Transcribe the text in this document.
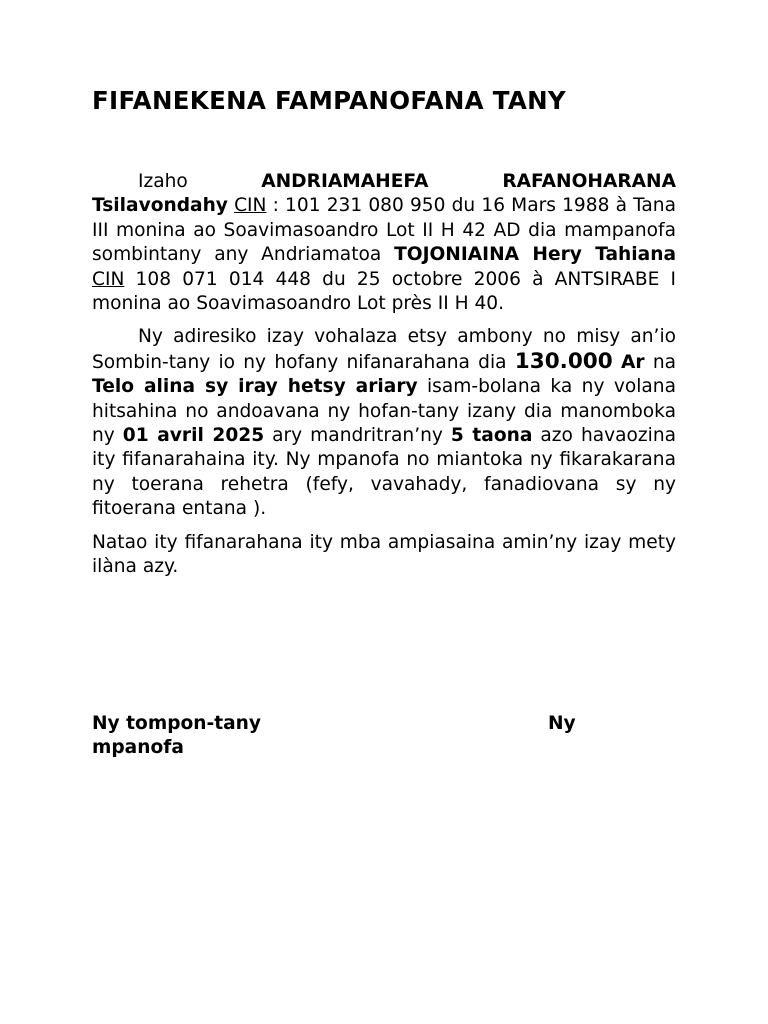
FIFANEKENA FAMPANOFANA TANY

Izaho ANDRIAMAHEFA RAFANOHARANA Tsilavondahy CIN : 101 231 080 950 du 16 Mars 1988 à Tana III monina ao Soavimasoandro Lot II H 42 AD dia mampanofa sombintany any Andriamatoa TOJONIAINA Hery Tahiana CIN 108 071 014 448 du 25 octobre 2006 à ANTSIRABE I monina ao Soavimasoandro Lot près II H 40.

Ny adiresiko izay vohalaza etsy ambony no misy an’io Sombin-tany io ny hofany nifanarahana dia 130.000 Ar na Telo alina sy iray hetsy ariary isam-bolana ka ny volana hitsahina no andoavana ny hofan-tany izany dia manomboka ny 01 avril 2025 ary mandritran’ny 5 taona azo havaozina ity fifanarahaina ity. Ny mpanofa no miantoka ny fikarakarana ny toerana rehetra (fefy, vavahady, fanadiovana sy ny fitoerana entana ).

Natao ity fifanarahana ity mba ampiasaina amin’ny izay mety ilàna azy.

Ny tompon-tany	Ny
mpanofa
